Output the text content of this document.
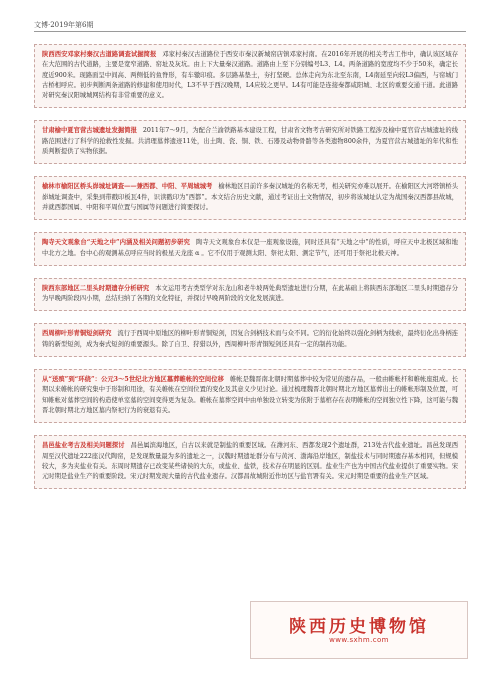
文博·2019年第6期
陕西西安邓家村秦汉古道路调查试掘简报 邓家村秦汉古道路位于西安市秦汉新城窑店镇邓家村南。在2016年开展的相关考古工作中，确认该区域存在大范围的古代道路，主要是宽窄道路、窑址及灰坑。由上下大量秦汉道路。道路由上至下分别编号L3、L4。两条道路的宽度均不少于50米，确定长度近900米。现路面呈中间高、两侧低的鱼脊形，有车辙印痕。多层路基垫土，夯打坚硬。总体走向为东北至东南，L4南延至向较L3偏西，与窑城门古桥相呼应。初步判断两条道路的修建和使用时代，L3不早于西汉晚期，L4应较之更早。L4有可能是连接秦都咸阳城、北区的重要交通干道。此道路对研究秦汉阳城城网结构有非常重要的意义。
甘肃榆中夏官营古城遗址发掘简报 2011年7～9月，为配合兰渝铁路基本建设工程，甘肃省文物考古研究所对铁路工程涉及榆中夏官营古城遗址的线路范围进行了科学的抢救性发掘。共清理墓葬遗迹11处，出土陶、瓷、铜、铁、石器及动物骨骼等各类遗物800余件，为夏官营古城遗址的年代和性质判断提供了实物依据。
榆林市榆阳区桥头峁城址调查——兼西都、中阳、平周城城考 榆林地区目前许多秦汉城址的名称无考，相关研究亦难以展开。在榆阳区大河塔镇桥头峁城址调查中，采集到带戳印板瓦4件，识读戳印为“西都”。本文结合历史文献，通过考证出土文物情况，初步将该城址认定为战国秦汉西都县故城，并就西都国属、中阳和平周位置与国属等问题进行简要探讨。
陶寺天文观象台“天地之中”内涵及相关问题初步研究 陶寺天文观象台本仅是一座观象设施，同时还具有“天地之中”的性质，呼应天中北极区域和地中北方之地。台中心的观测基点呼应当时的极星天龙座 α 。它不仅用于观测太阳、祭祀太阳、测定节气，还可用于祭祀北极天神。
陕西东部地区二里头时期遗存分析研究 本文运用考古类型学对东龙山和老牛坡两处典型遗址进行分期，在此基础上将陕西东部地区二里头时期遗存分为早晚两阶段四小期，总结归纳了各期的文化特征，并探讨早晚两阶段的文化发展演进。
西周柳叶形青铜短剑研究 流行于西周中原地区的柳叶形青铜短剑，因复合剑柄技术而与众不同。它的衍化始终以强化剑柄为线索，最终衍化出身柄连铸的新型短剑，成为秦式短剑的重要源头。除了自卫、狩猎以外，西周柳叶形青铜短剑还具有一定的制药功能。
从“送殡”到“环绕”：公元3～5世纪北方地区墓葬帷帐的空间位移 帷帐是魏晋南北朝时期墓葬中较为常见的遗存品，一般由帷帐杆和帷帐座组成。长期以来帷帐的研究集中于形制和用途，有关帷帐在空间位置的变化及其意义少见讨论。通过梳理魏晋北朝时期北方地区墓葬出土的帷帐形制及位置，可知帷帐对墓葬空间的构造使单室墓的空间变得更为复杂。帷帐在墓葬空间中由单独设立转变为依附于墓棺存在表明帷帐的空间独立性下降，这可能与魏晋北朝时期北方地区墓内祭祀行为的衰退有关。
昌邑盐业考古及相关问题探讨 昌邑属滨海地区，自古以来就是制盐的重要区域。在潍河东、西都发现2个遗址群，213处古代盐业遗址。昌邑发现西周至汉代遗址222座汉代陶窑，是发现数量最为多的遗址之一，汉魏时期遗址群分布与黄河、渤海沿岸地区，制盐技术与同时期遗存基本相同，但规模较大，多为夹盐业有关。东周时期遗存已改变某些诸侯的大东，或盐业、盐铁，技术存在明显的区别。盐业生产也为中国古代盐业提供了重要实物。宋元时期是盐业生产的重要阶段。宋元时期发现大量的古代盐业遗存。汉都昌故城附近作坊区与盐官署有关。宋元时期是重要的盐业生产区域。
陕西历史博物馆
www.sxhm.com
